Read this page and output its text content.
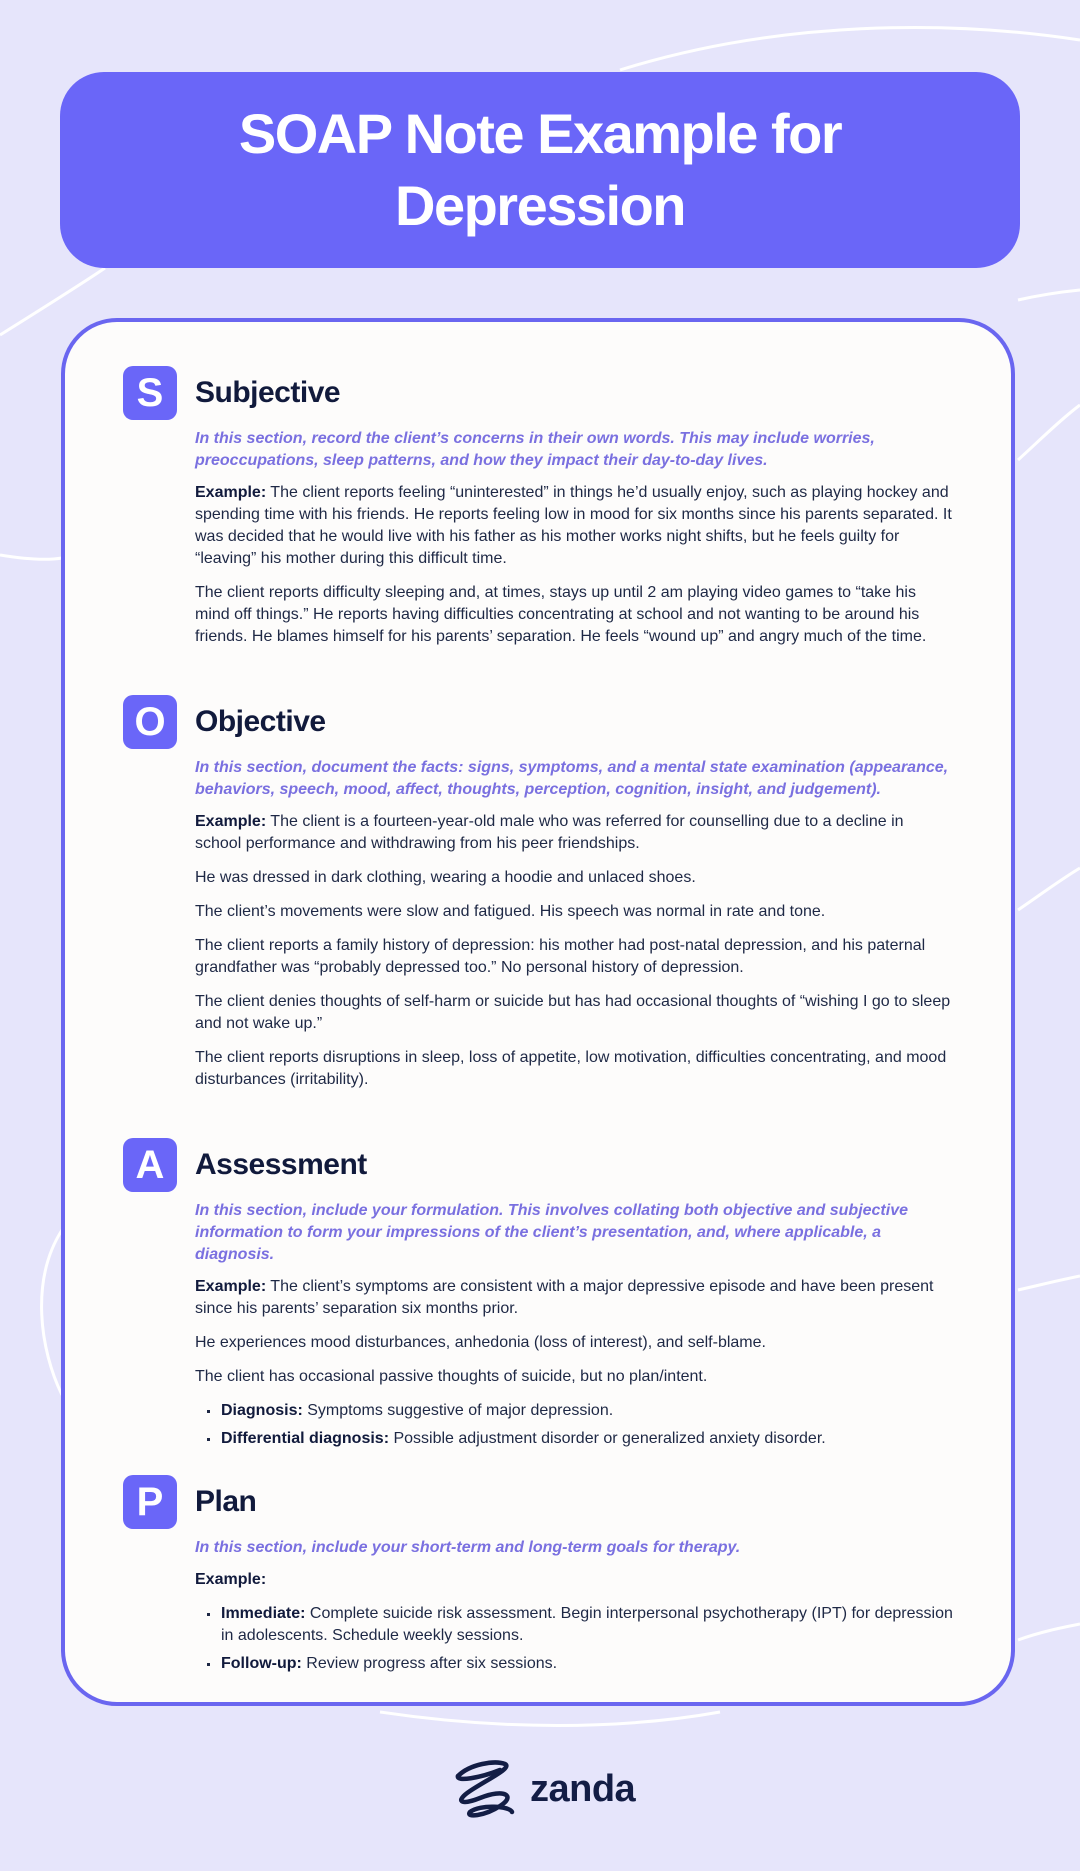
SOAP Note Example for Depression
S	Subjective

In this section, record the client’s concerns in their own words. This may include worries, preoccupations, sleep patterns, and how they impact their day-to-day lives.

Example: The client reports feeling “uninterested” in things he’d usually enjoy, such as playing hockey and spending time with his friends. He reports feeling low in mood for six months since his parents separated. It was decided that he would live with his father as his mother works night shifts, but he feels guilty for “leaving” his mother during this difficult time.

The client reports difficulty sleeping and, at times, stays up until 2 am playing video games to “take his mind off things.” He reports having difficulties concentrating at school and not wanting to be around his friends. He blames himself for his parents’ separation. He feels “wound up” and angry much of the time.

O Objective

In this section, document the facts: signs, symptoms, and a mental state examination (appearance, behaviors, speech, mood, affect, thoughts, perception, cognition, insight, and judgement).

Example: The client is a fourteen-year-old male who was referred for counselling due to a decline in school performance and withdrawing from his peer friendships.

He was dressed in dark clothing, wearing a hoodie and unlaced shoes.

The client’s movements were slow and fatigued. His speech was normal in rate and tone.

The client reports a family history of depression: his mother had post-natal depression, and his paternal grandfather was “probably depressed too.” No personal history of depression.

The client denies thoughts of self-harm or suicide but has had occasional thoughts of “wishing I go to sleep and not wake up.”

The client reports disruptions in sleep, loss of appetite, low motivation, difficulties concentrating, and mood disturbances (irritability).

A	Assessment

In this section, include your formulation. This involves collating both objective and subjective information to form your impressions of the client’s presentation, and, where applicable, a diagnosis.

Example: The client’s symptoms are consistent with a major depressive episode and have been present since his parents’ separation six months prior.

He experiences mood disturbances, anhedonia (loss of interest), and self-blame.

The client has occasional passive thoughts of suicide, but no plan/intent.

Diagnosis: Symptoms suggestive of major depression.
Differential diagnosis: Possible adjustment disorder or generalized anxiety disorder.
P	Plan

In this section, include your short-term and long-term goals for therapy.

Example:

Immediate: Complete suicide risk assessment. Begin interpersonal psychotherapy (IPT) for depression in adolescents. Schedule weekly sessions.
Follow-up: Review progress after six sessions.
zanda
